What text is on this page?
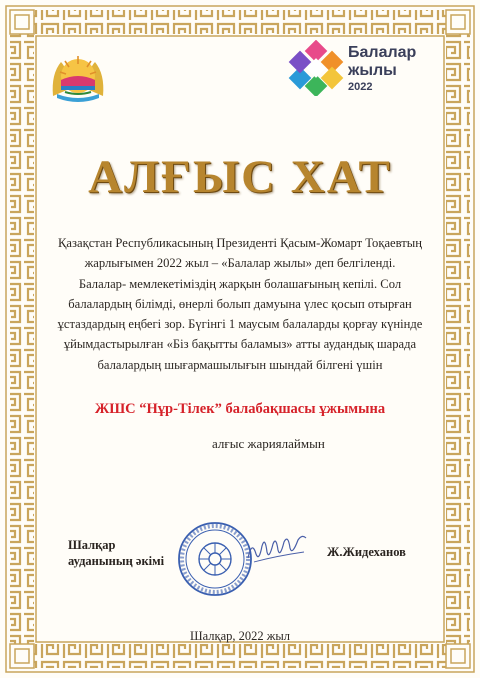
Балалар
жылы
2022
АЛҒЫС ХАТ
Қазақстан Республикасының Президенті Қасым-Жомарт Тоқаевтың
жарлығымен 2022 жыл – «Балалар жылы» деп белгіленді.
Балалар- мемлекетіміздің жарқын болашағының кепілі. Сол
балалардың білімді, өнерлі болып дамуына үлес қосып отырған
ұстаздардың еңбегі зор. Бүгінгі 1 маусым балаларды қорғау күнінде
ұйымдастырылған «Біз бақытты баламыз» атты аудандық шарада
балалардың шығармашылығын шындай білгені үшін
ЖШС “Нұр-Тілек” балабақшасы ұжымына
алғыс жариялаймын
Шалқар
ауданының әкімі
Ж.Жидеханов
Шалқар, 2022 жыл
